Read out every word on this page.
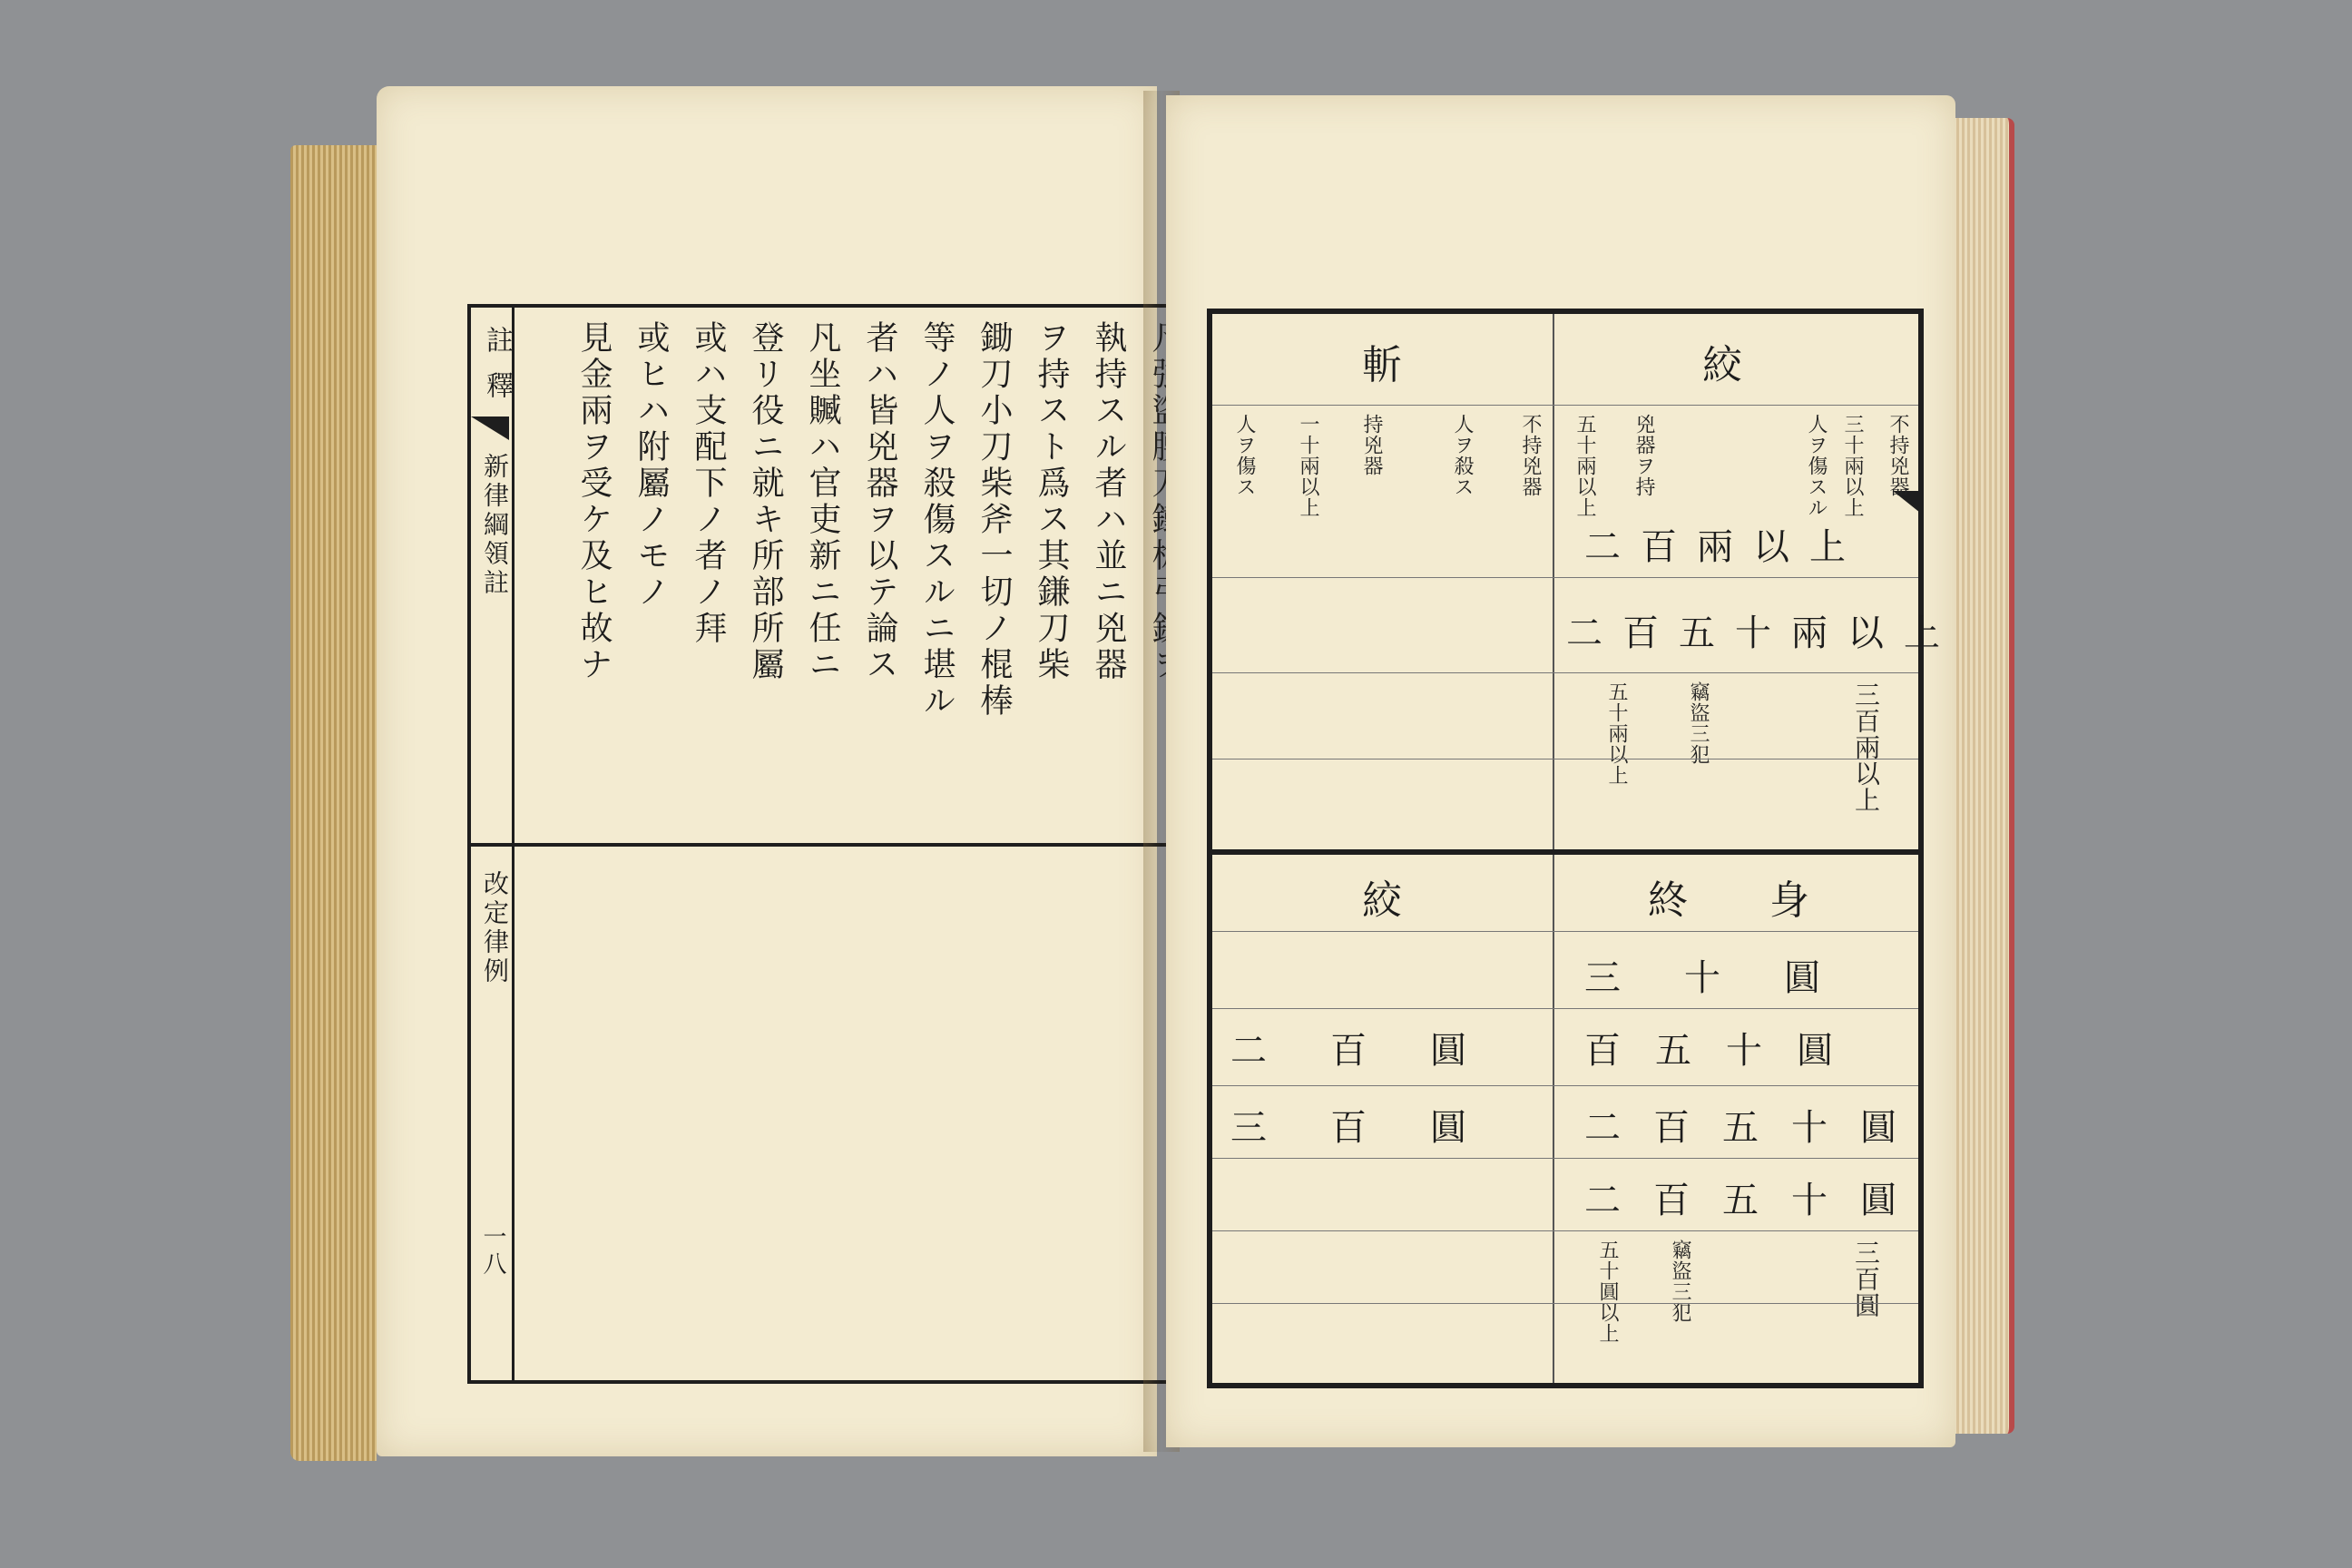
註
釋
新律綱領註
改定律例
一八
執持スル者ハ並ニ兇器
ヲ持スト爲ス其鎌刀柴
鋤刀小刀柴斧一切ノ棍棒
等ノ人ヲ殺傷スルニ堪ル
者ハ皆兇器ヲ以テ論ス
凡坐贓ハ官吏新ニ任ニ
登リ役ニ就キ所部所屬
或ハ支配下ノ者ノ拜
或ヒハ附屬ノモノ
見金兩ヲ受ケ及ヒ故ナ	絞
斬
不持兇器
三十兩以上
人ヲ傷スル
兇器ヲ持
五十兩以上
不持兇器
人ヲ殺ス
持兇器
一十兩以上
人ヲ傷ス
二百兩以上
二百五十兩以上
三百兩以上
竊盜三犯
五十兩以上
終身
絞
三十圓
百五十圓
二百圓
二百五十圓
三百圓
二百五十圓
三百圓
竊盜三犯
五十圓以上
